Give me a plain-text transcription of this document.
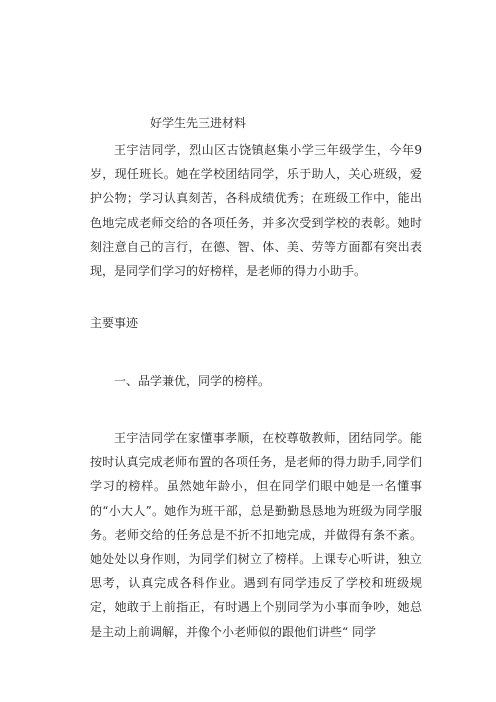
好学生先三进材料

王宇洁同学，烈山区古饶镇赵集小学三年级学生，今年9岁，现任班长。她在学校团结同学，乐于助人，关心班级，爱护公物；学习认真刻苦，各科成绩优秀；在班级工作中，能出色地完成老师交给的各项任务，并多次受到学校的表彰。她时刻注意自己的言行，在德、智、体、美、劳等方面都有突出表现，是同学们学习的好榜样，是老师的得力小助手。

主要事迹
一、品学兼优，同学的榜样。

王宇洁同学在家懂事孝顺，在校尊敬教师，团结同学。能按时认真完成老师布置的各项任务，是老师的得力助手,同学们学习的榜样。虽然她年龄小，但在同学们眼中她是一名懂事的“小大人”。她作为班干部，总是勤勤恳恳地为班级为同学服务。老师交给的任务总是不折不扣地完成，并做得有条不紊。她处处以身作则，为同学们树立了榜样。上课专心听讲，独立思考，认真完成各科作业。遇到有同学违反了学校和班级规定，她敢于上前指正，有时遇上个别同学为小事而争吵，她总是主动上前调解，并像个小老师似的跟他们讲些“ 同学
